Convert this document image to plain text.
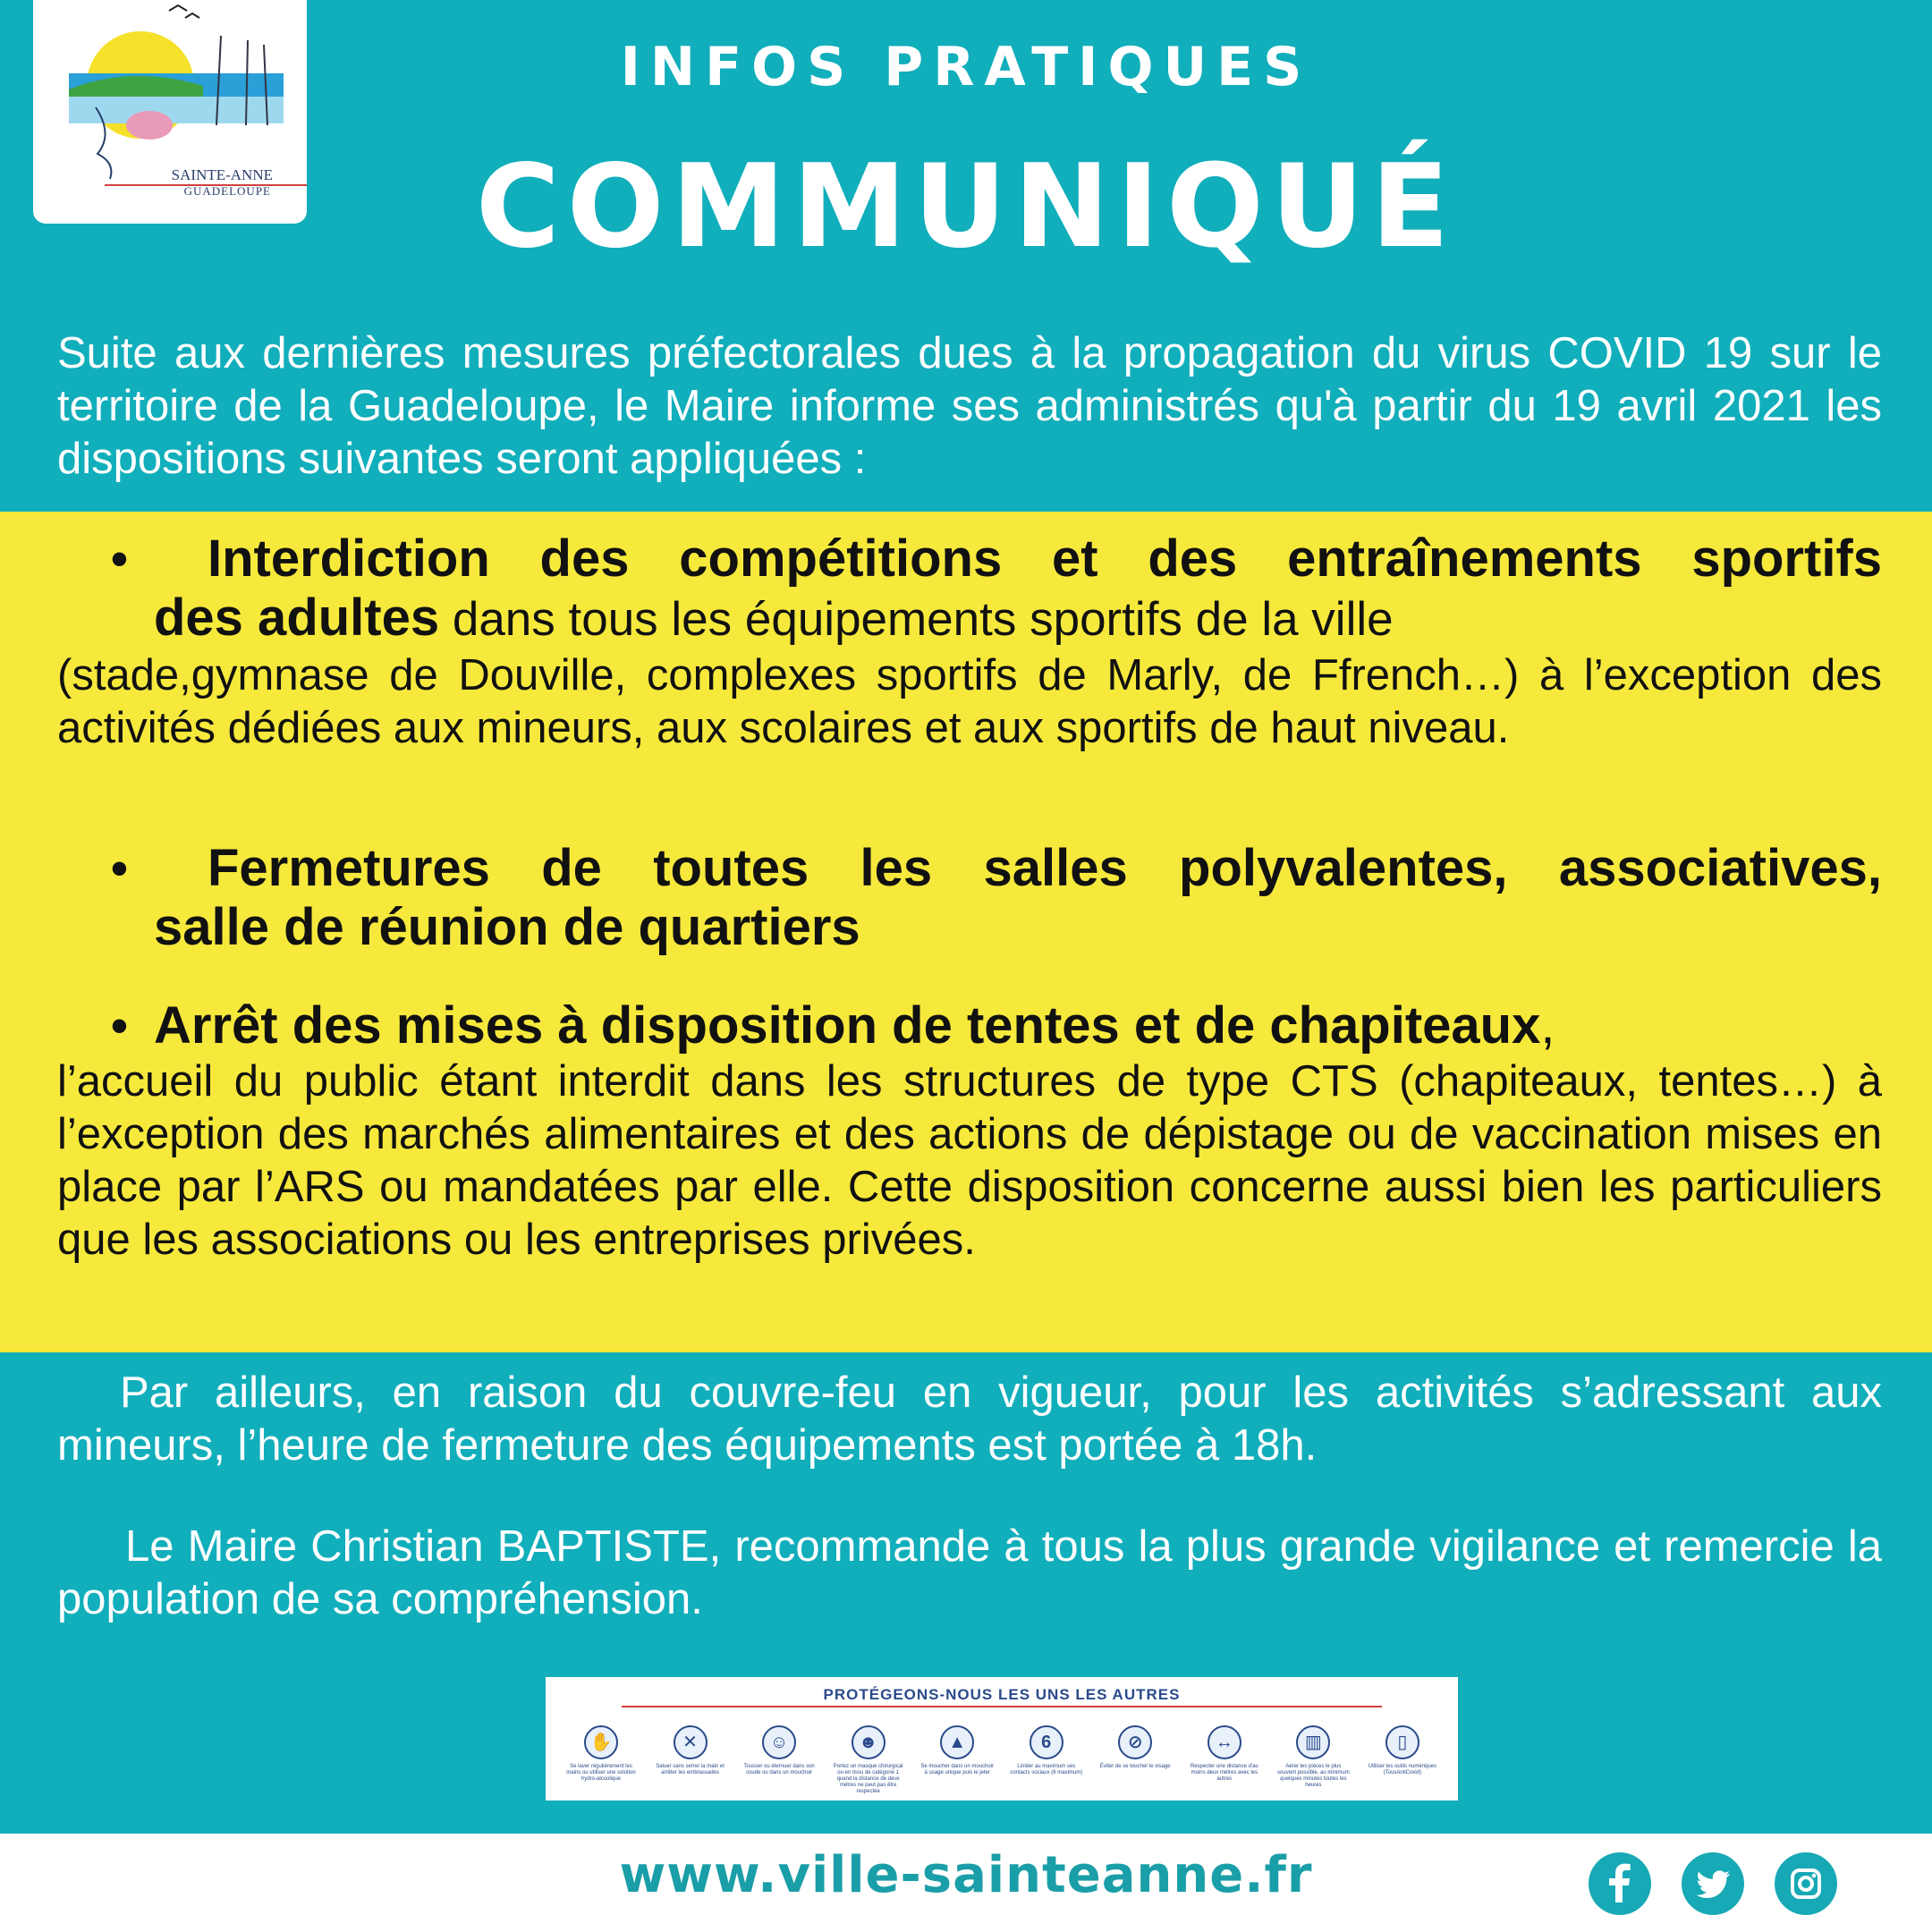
SAINTE-ANNE
GUADELOUPE
INFOS PRATIQUES
COMMUNIQUÉ
Suite aux dernières mesures préfectorales dues à la propagation du virus COVID 19 sur le territoire de la Guadeloupe, le Maire informe ses administrés qu'à partir du 19 avril 2021 les dispositions suivantes seront appliquées :
•	Interdiction des compétitions et des entraînements sportifs
des adultes dans tous les équipements sportifs de la ville
(stade,gymnase de Douville, complexes sportifs de Marly, de Ffrench…) à l’exception des activités dédiées aux mineurs, aux scolaires et aux sportifs de haut niveau.
•	Fermetures de toutes les salles polyvalentes, associatives,
salle de réunion de quartiers
• Arrêt des mises à disposition de tentes et de chapiteaux,
l’accueil du public étant interdit dans les structures de type CTS (chapiteaux, tentes…) à l’exception des marchés alimentaires et des actions de dépistage ou de vaccination mises en place par l’ARS ou mandatées par elle. Cette disposition concerne aussi bien les particuliers que les associations ou les entreprises privées.
Par ailleurs, en raison du couvre-feu en vigueur, pour les activités s’adressant aux mineurs, l’heure de fermeture des équipements est portée à 18h.
Le Maire Christian BAPTISTE, recommande à tous la plus grande vigilance et remercie la population de sa compréhension.
PROTÉGEONS-NOUS LES UNS LES AUTRES
✋
Se laver régulièrement les mains ou utiliser une solution hydro-alcoolique
✕
Saluer sans serrer la main et arrêter les embrassades
☺
Tousser ou éternuer dans son coude ou dans un mouchoir
☻
Portez un masque chirurgical ou en tissu de catégorie 1 quand la distance de deux mètres ne peut pas être respectée
▲
Se moucher dans un mouchoir à usage unique puis le jeter
6
Limiter au maximum ses contacts sociaux (6 maximum)
⊘
Éviter de se toucher le visage
↔
Respecter une distance d'au moins deux mètres avec les autres
▥
Aérer les pièces le plus souvent possible, au minimum quelques minutes toutes les heures
▯
Utiliser les outils numériques (TousAntiCovid)
www.ville-sainteanne.fr
